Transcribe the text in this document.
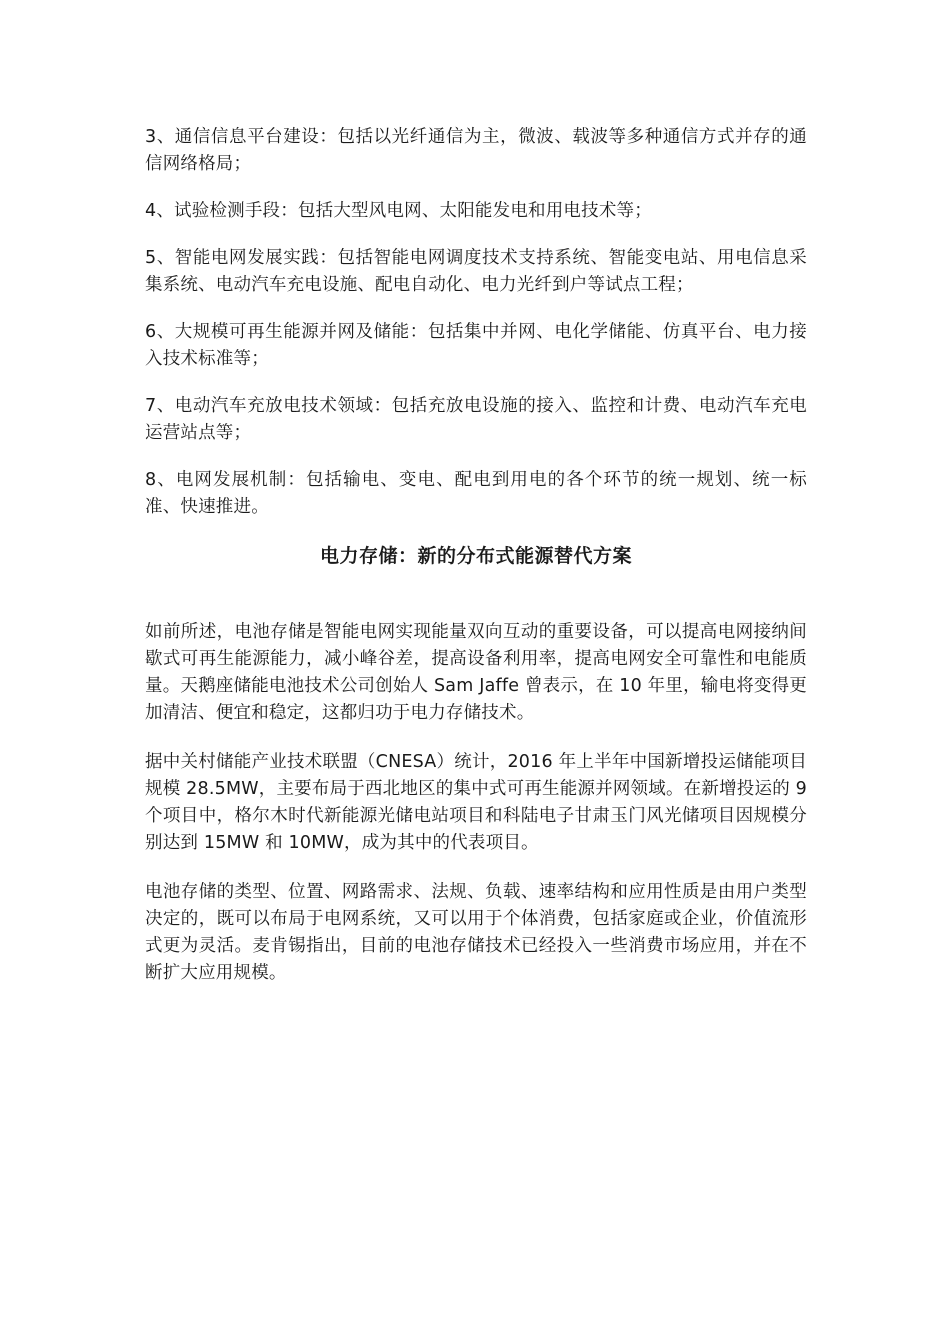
3、通信信息平台建设：包括以光纤通信为主，微波、载波等多种通信方式并存的通信网络格局；

4、试验检测手段：包括大型风电网、太阳能发电和用电技术等；

5、智能电网发展实践：包括智能电网调度技术支持系统、智能变电站、用电信息采集系统、电动汽车充电设施、配电自动化、电力光纤到户等试点工程；

6、大规模可再生能源并网及储能：包括集中并网、电化学储能、仿真平台、电力接入技术标准等；

7、电动汽车充放电技术领域：包括充放电设施的接入、监控和计费、电动汽车充电运营站点等；

8、电网发展机制：包括输电、变电、配电到用电的各个环节的统一规划、统一标准、快速推进。

电力存储：新的分布式能源替代方案

如前所述，电池存储是智能电网实现能量双向互动的重要设备，可以提高电网接纳间歇式可再生能源能力，减小峰谷差，提高设备利用率，提高电网安全可靠性和电能质量。天鹅座储能电池技术公司创始人 Sam Jaffe 曾表示，在 10 年里，输电将变得更加清洁、便宜和稳定，这都归功于电力存储技术。

据中关村储能产业技术联盟（CNESA）统计，2016 年上半年中国新增投运储能项目规模 28.5MW，主要布局于西北地区的集中式可再生能源并网领域。在新增投运的 9 个项目中，格尔木时代新能源光储电站项目和科陆电子甘肃玉门风光储项目因规模分别达到 15MW 和 10MW，成为其中的代表项目。

电池存储的类型、位置、网路需求、法规、负载、速率结构和应用性质是由用户类型决定的，既可以布局于电网系统，又可以用于个体消费，包括家庭或企业，价值流形式更为灵活。麦肯锡指出，目前的电池存储技术已经投入一些消费市场应用，并在不断扩大应用规模。
